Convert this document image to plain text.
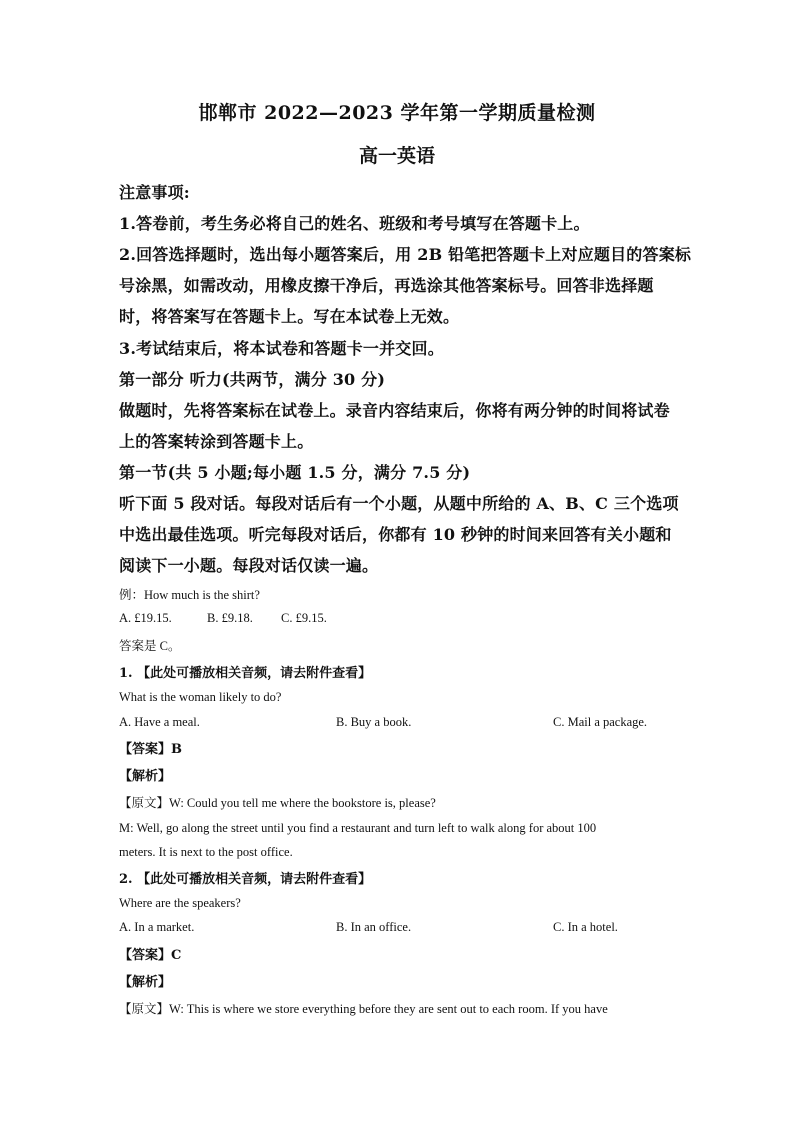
邯郸市 2022—2023 学年第一学期质量检测
高一英语
注意事项:
1.答卷前，考生务必将自己的姓名、班级和考号填写在答题卡上。
2.回答选择题时，选出每小题答案后，用 2B 铅笔把答题卡上对应题目的答案标
号涂黑，如需改动，用橡皮擦干净后，再选涂其他答案标号。回答非选择题
时，将答案写在答题卡上。写在本试卷上无效。
3.考试结束后，将本试卷和答题卡一并交回。
第一部分 听力(共两节，满分 30 分)
做题时，先将答案标在试卷上。录音内容结束后，你将有两分钟的时间将试卷
上的答案转涂到答题卡上。
第一节(共 5 小题;每小题 1.5 分，满分 7.5 分)
听下面 5 段对话。每段对话后有一个小题，从题中所给的 A、B、C 三个选项
中选出最佳选项。听完每段对话后，你都有 10 秒钟的时间来回答有关小题和
阅读下一小题。每段对话仅读一遍。
例：How much is the shirt?
A. £19.15.	B. £9.18. C. £9.15.
答案是 C。
1. 【此处可播放相关音频，请去附件查看】
What is the woman likely to do?
A. Have a meal.	B. Buy a book.	C. Mail a package.
【答案】B
【解析】
【原文】W: Could you tell me where the bookstore is, please?
M: Well, go along the street until you find a restaurant and turn left to walk along for about 100
meters. It is next to the post office.
2. 【此处可播放相关音频，请去附件查看】
Where are the speakers?
A. In a market.	B. In an office.	C. In a hotel.
【答案】C
【解析】
【原文】W: This is where we store everything before they are sent out to each room. If you have
